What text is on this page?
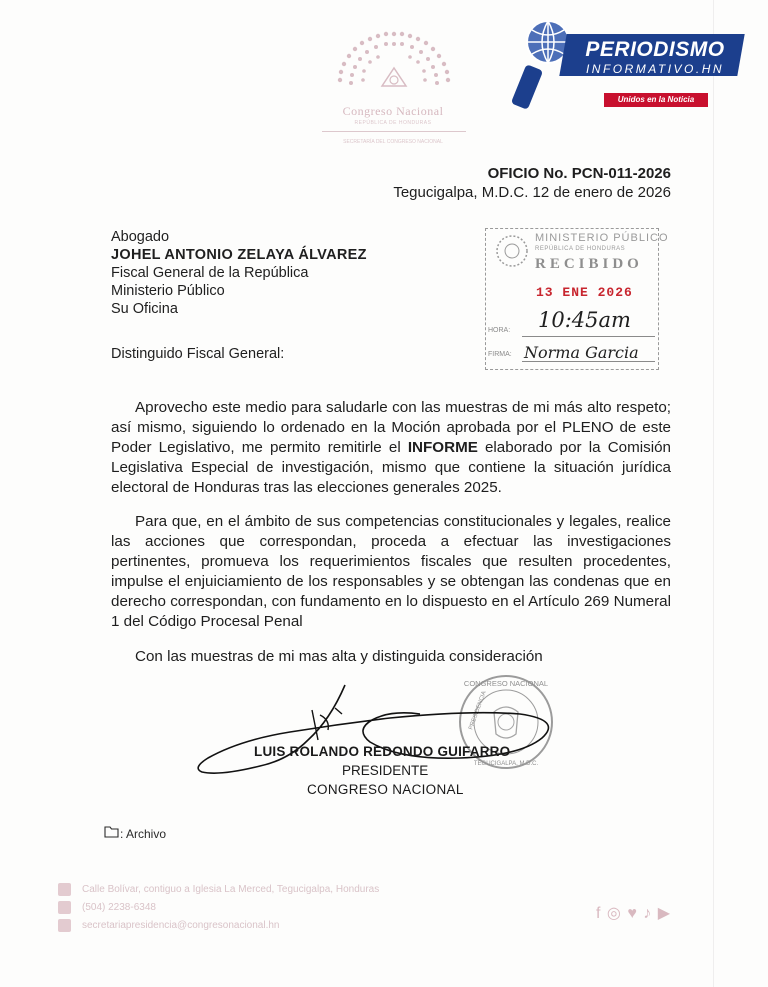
Congreso Nacional
REPÚBLICA DE HONDURAS
SECRETARÍA DEL CONGRESO NACIONAL
PERIODISMO
INFORMATIVO.HN
Unidos en la Noticia
OFICIO No. PCN-011-2026
Tegucigalpa, M.D.C. 12 de enero de 2026
Abogado
JOHEL ANTONIO ZELAYA ÁLVAREZ
Fiscal General de la República
Ministerio Público
Su Oficina
MINISTERIO PÚBLICO
REPÚBLICA DE HONDURAS
RECIBIDO
13 ENE 2026
HORA: 10:45am
FIRMA: Norma Garcia
Distinguido Fiscal General:
Aprovecho este medio para saludarle con las muestras de mi más alto respeto; así mismo, siguiendo lo ordenado en la Moción aprobada por el PLENO de este Poder Legislativo, me permito remitirle el INFORME elaborado por la Comisión Legislativa Especial de investigación, mismo que contiene la situación jurídica electoral de Honduras tras las elecciones generales 2025.
Para que, en el ámbito de sus competencias constitucionales y legales, realice las acciones que correspondan, proceda a efectuar las investigaciones pertinentes, promueva los requerimientos fiscales que resulten procedentes, impulse el enjuiciamiento de los responsables y se obtengan las condenas que en derecho correspondan, con fundamento en lo dispuesto en el Artículo 269 Numeral 1 del Código Procesal Penal
Con las muestras de mi mas alta y distinguida consideración
CONGRESO NACIONAL
TEGUCIGALPA, M.D.C.
PRESIDENCIA
LUIS ROLANDO REDONDO GUIFARRO
PRESIDENTE
CONGRESO NACIONAL
: Archivo
Calle Bolívar, contiguo a Iglesia La Merced, Tegucigalpa, Honduras
(504) 2238-6348
secretariapresidencia@congresonacional.hn
f ◎ ♥ ♪ ▶
